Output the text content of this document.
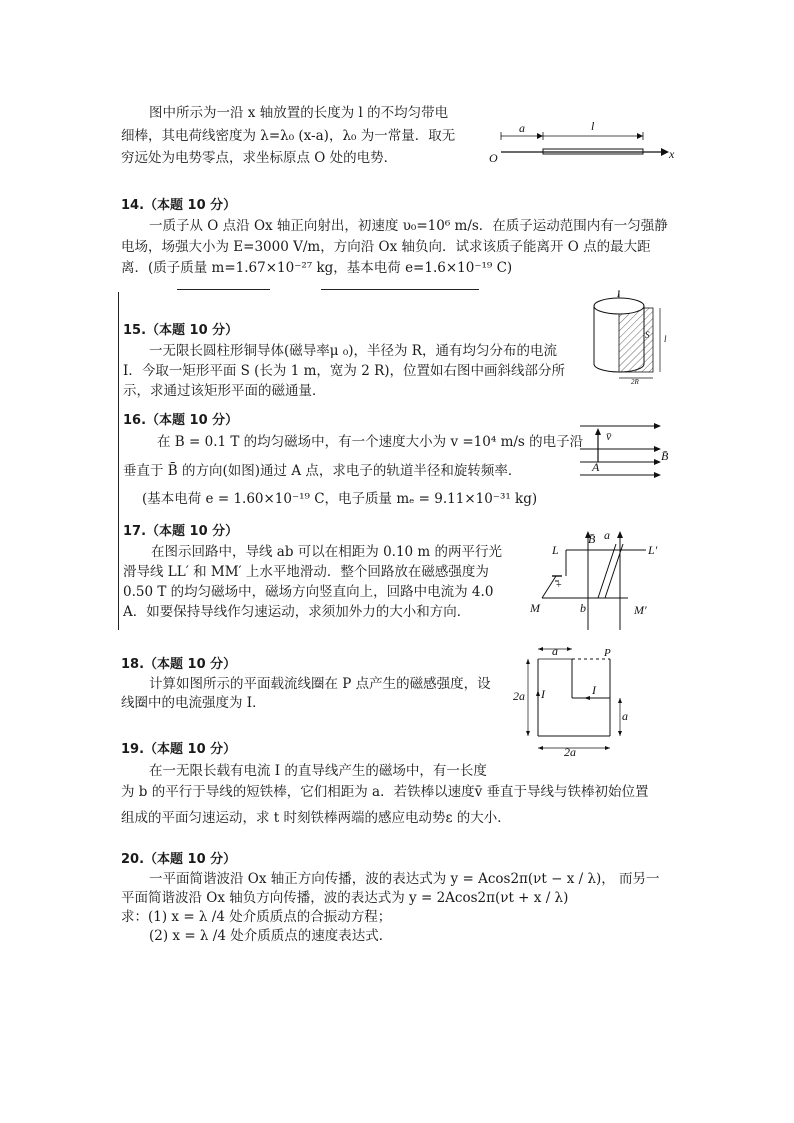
图中所示为一沿 x 轴放置的长度为 l 的不均匀带电
细棒，其电荷线密度为 λ=λ₀ (x-a)，λ₀ 为一常量．取无
穷远处为电势零点，求坐标原点 O 处的电势．
a	l
O	x
14.（本题 10 分）
一质子从 O 点沿 Ox 轴正向射出，初速度 υ₀=10⁶ m/s．在质子运动范围内有一匀强静
电场，场强大小为 E=3000 V/m，方向沿 Ox 轴负向．试求该质子能离开 O 点的最大距
离．(质子质量 m=1.67×10⁻²⁷ kg，基本电荷 e=1.6×10⁻¹⁹ C)
15.（本题 10 分）
一无限长圆柱形铜导体(磁导率μ ₀)，半径为 R，通有均匀分布的电流
I．今取一矩形平面 S (长为 1 m，宽为 2 R)，位置如右图中画斜线部分所
示，求通过该矩形平面的磁通量．
I
S l
2R
16.（本题 10 分）
在 B = 0.1 T 的均匀磁场中，有一个速度大小为 v =10⁴ m/s 的电子沿
垂直于 B̄ 的方向(如图)通过 A 点，求电子的轨道半径和旋转频率．
(基本电荷 e = 1.60×10⁻¹⁹ C，电子质量 mₑ = 9.11×10⁻³¹ kg)
v̄
B̄
A
17.（本题 10 分）
在图示回路中，导线 ab 可以在相距为 0.10 m 的两平行光
滑导线 LL′ 和 MM′ 上水平地滑动．整个回路放在磁感强度为
0.50 T 的均匀磁场中，磁场方向竖直向上，回路中电流为 4.0
A．如要保持导线作匀速运动，求须加外力的大小和方向．
B̄ a
L	L′
M	M′
b
+
18.（本题 10 分）
计算如图所示的平面载流线圈在 P 点产生的磁感强度，设
线圈中的电流强度为 I．
a	P
2a I	I
a
2a
19.（本题 10 分）
在一无限长载有电流 I 的直导线产生的磁场中，有一长度
为 b 的平行于导线的短铁棒，它们相距为 a．若铁棒以速度v̄ 垂直于导线与铁棒初始位置
组成的平面匀速运动，求 t 时刻铁棒两端的感应电动势ε 的大小．
20.（本题 10 分）
一平面简谐波沿 Ox 轴正方向传播，波的表达式为 y = Acos2π(νt − x / λ)， 而另一
平面简谐波沿 Ox 轴负方向传播，波的表达式为 y = 2Acos2π(νt + x / λ)
求：(1) x = λ /4 处介质质点的合振动方程；
(2) x = λ /4 处介质质点的速度表达式．
